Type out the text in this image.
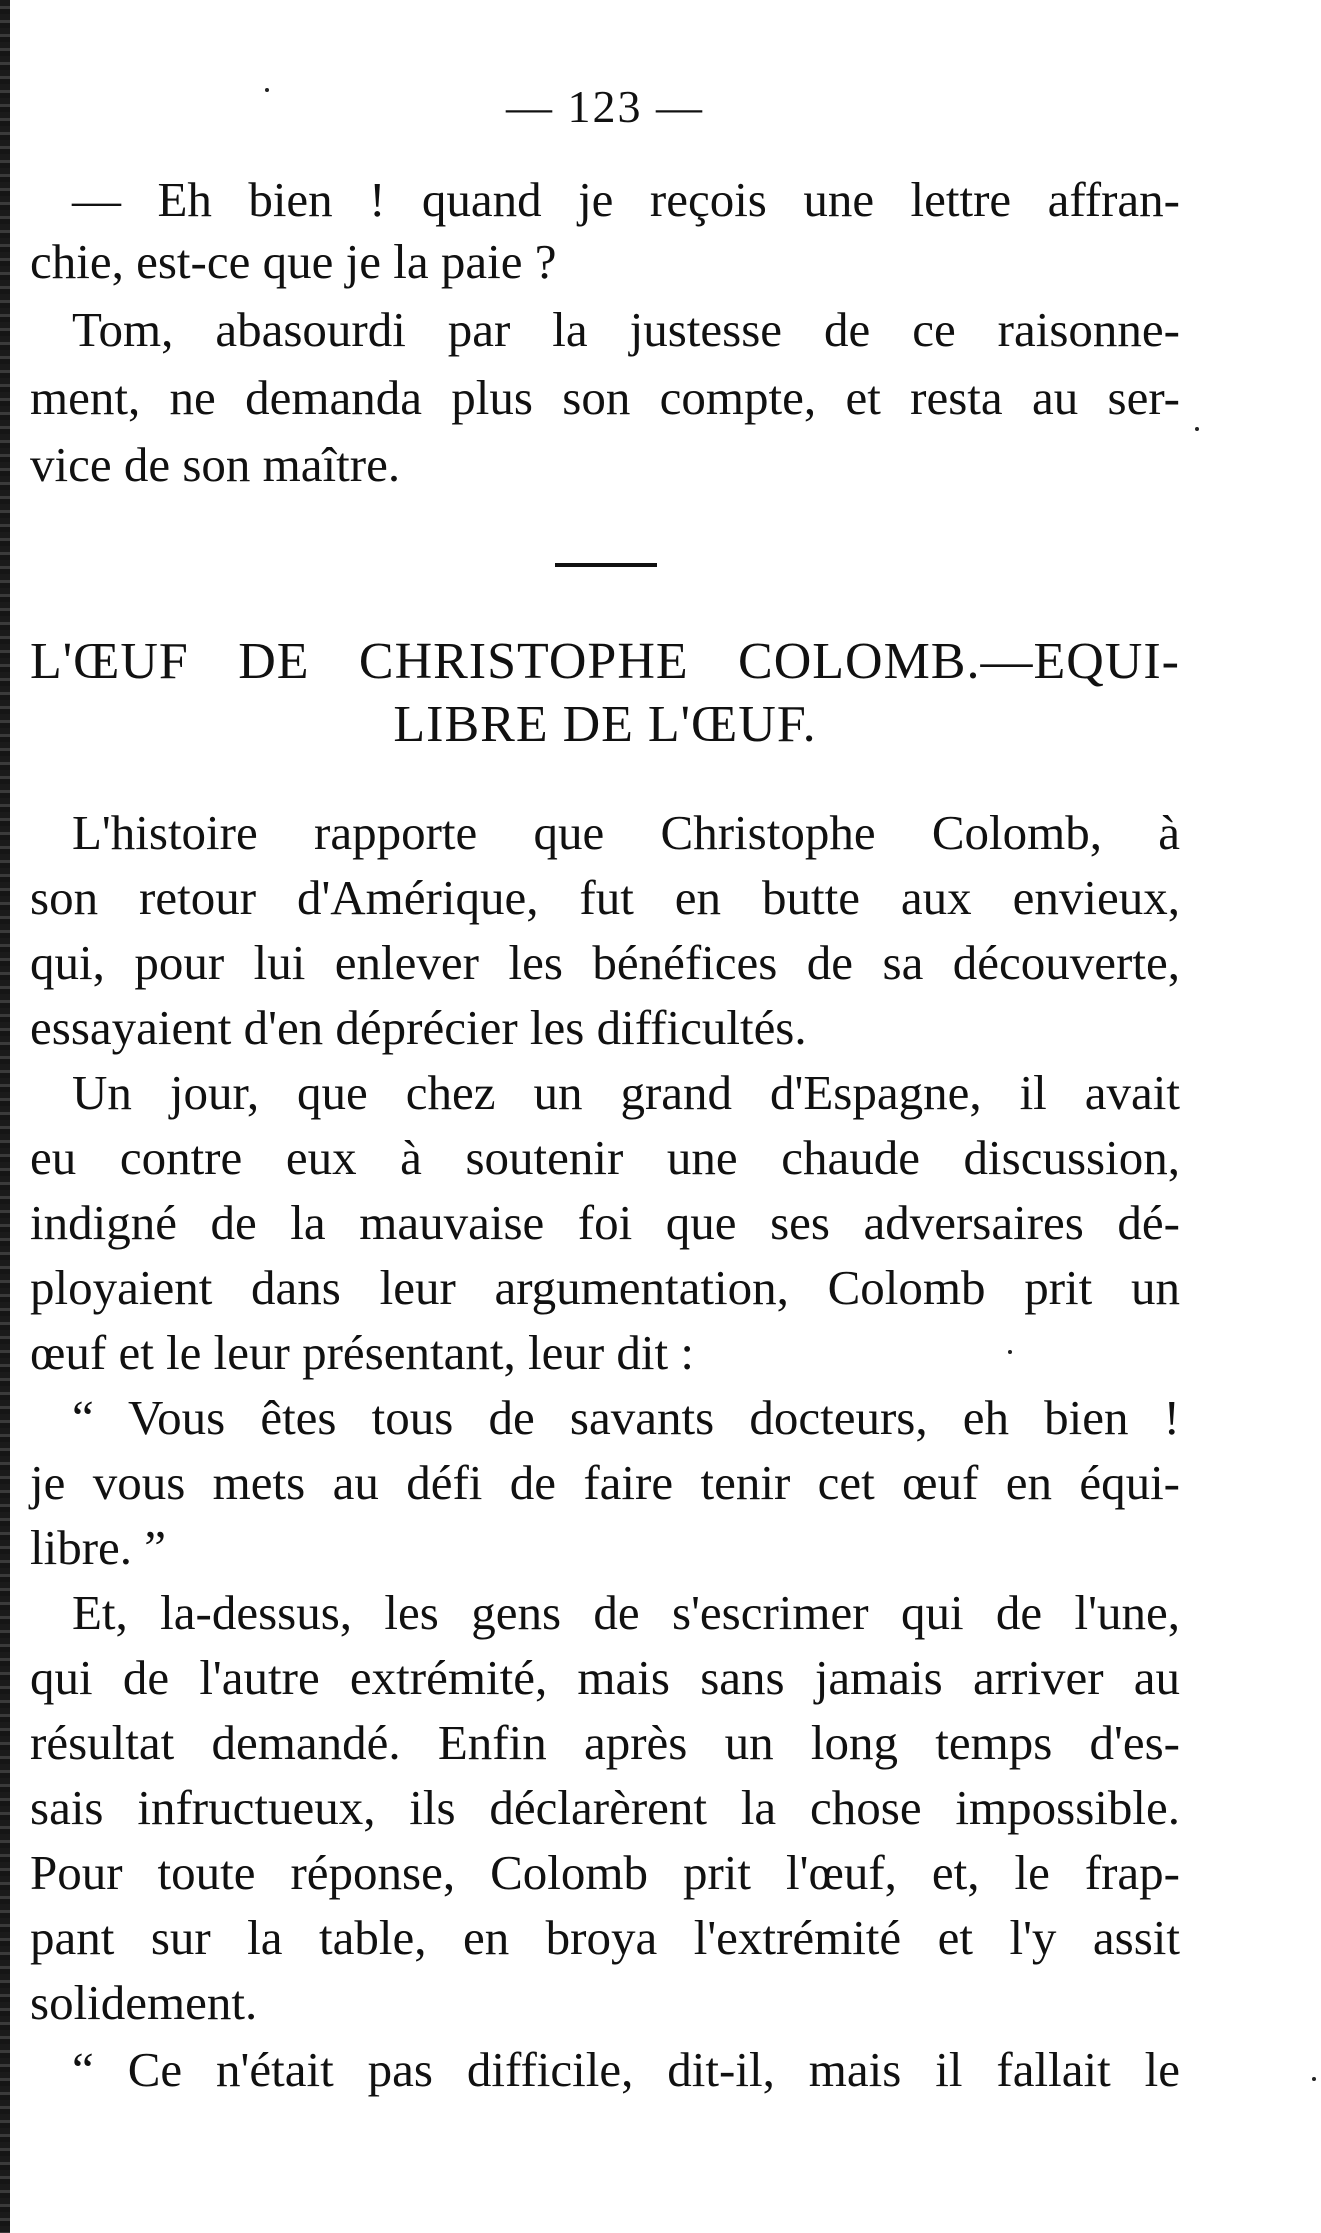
— 123 —
— Eh bien ! quand je reçois une lettre affran-
chie, est-ce que je la paie ?
Tom, abasourdi par la justesse de ce raisonne-
ment, ne demanda plus son compte, et resta au ser-
vice de son maître.
L'ŒUF DE CHRISTOPHE COLOMB.—EQUI-
LIBRE DE L'ŒUF.
L'histoire rapporte que Christophe Colomb, à
son retour d'Amérique, fut en butte aux envieux,
qui, pour lui enlever les bénéfices de sa découverte,
essayaient d'en déprécier les difficultés.
Un jour, que chez un grand d'Espagne, il avait
eu contre eux à soutenir une chaude discussion,
indigné de la mauvaise foi que ses adversaires dé-
ployaient dans leur argumentation, Colomb prit un
œuf et le leur présentant, leur dit :
“ Vous êtes tous de savants docteurs, eh bien !
je vous mets au défi de faire tenir cet œuf en équi-
libre. ”
Et, la-dessus, les gens de s'escrimer qui de l'une,
qui de l'autre extrémité, mais sans jamais arriver au
résultat demandé. Enfin après un long temps d'es-
sais infructueux, ils déclarèrent la chose impossible.
Pour toute réponse, Colomb prit l'œuf, et, le frap-
pant sur la table, en broya l'extrémité et l'y assit
solidement.
“ Ce n'était pas difficile, dit-il, mais il fallait le
